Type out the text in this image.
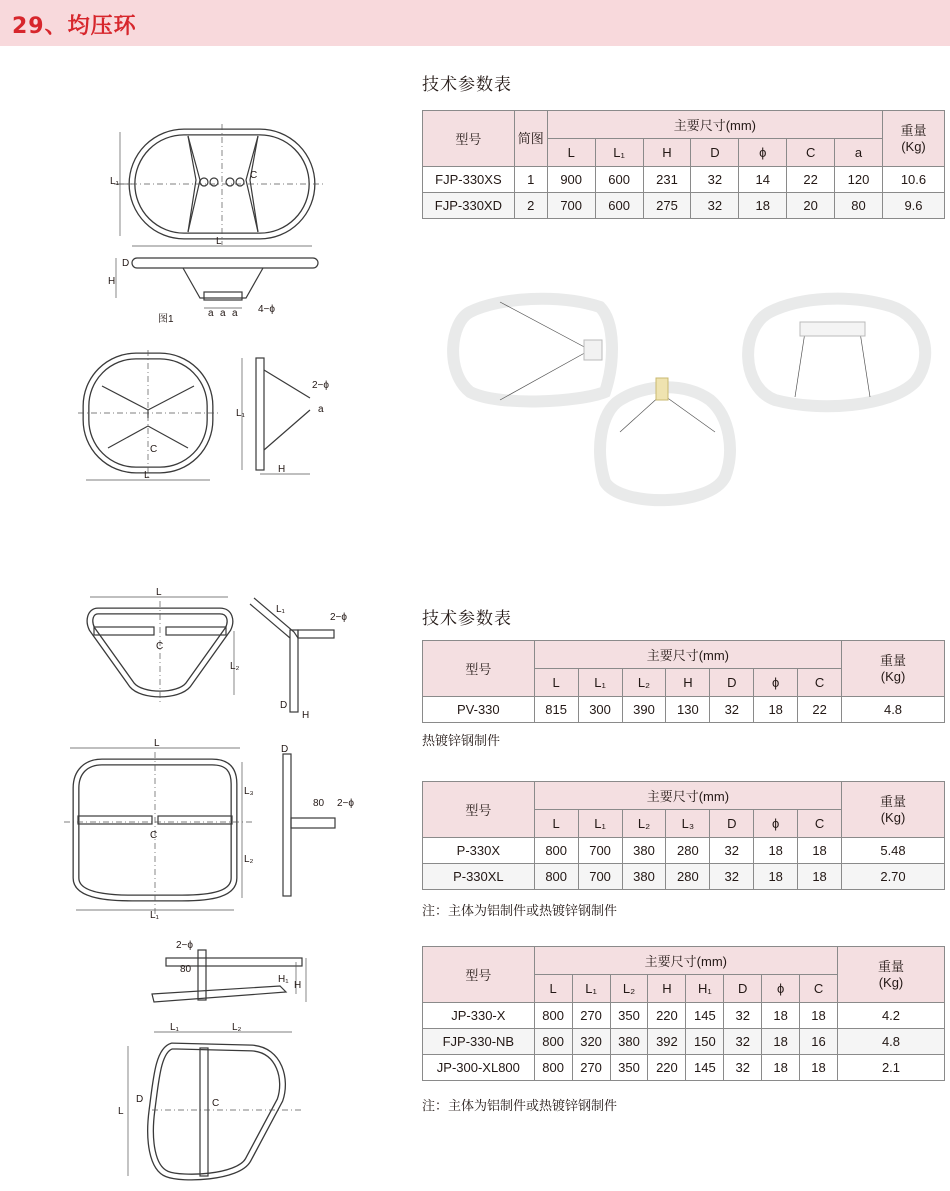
29、均压环
技术参数表
型号	简图	主要尺寸(mm)							重量(Kg)
		L	L₁	H	D	ϕ	C	a	
FJP-330XS	1	900	600	231	32	14	22	120	10.6
FJP-330XD	2	700	600	275	32	18	20	80	9.6
L₁
L
C
H
D
a a a 4−ϕ
图1
L
C
L₁
H
2−ϕ
a
技术参数表
型号	主要尺寸(mm)							重量(Kg)
	L	L₁	L₂	H	D	ϕ	C	
PV-330	815	300	390	130	32	18	22	4.8
热镀锌钢制件
L
C
L₂
L₁
2−ϕ
D
H
型号	主要尺寸(mm)							重量(Kg)
	L	L₁	L₂	L₃	D	ϕ	C	
P-330X	800	700	380	280	32	18	18	5.48
P-330XL	800	700	380	280	32	18	18	2.70
注：主体为铝制件或热镀锌钢制件
L
C
L₃
L₂
L₁
D
80 2−ϕ
型号	主要尺寸(mm)								重量(Kg)
	L	L₁	L₂	H	H₁	D	ϕ	C	
JP-330-X	800	270	350	220	145	32	18	18	4.2
FJP-330-NB	800	320	380	392	150	32	18	16	4.8
JP-300-XL800	800	270	350	220	145	32	18	18	2.1
注：主体为铝制件或热镀锌钢制件
2−ϕ
80
H₁
H
L₁	L₂
L
D	C
